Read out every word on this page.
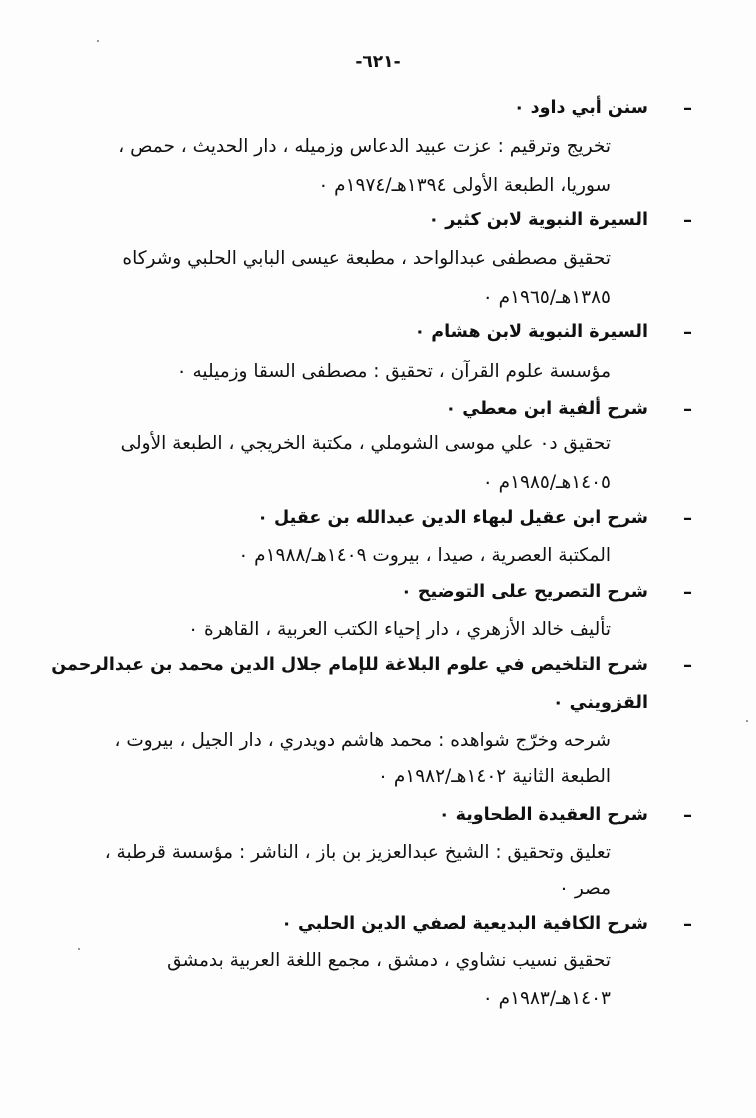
-٦٢١-
–

سنن أبي داود ٠

تخريج وترقيم : عزت عبيد الدعاس وزميله ، دار الحديث ، حمص ،

سوريا، الطبعة الأولى ١٣٩٤هـ/١٩٧٤م ٠

–

السيرة النبوية لابن كثير ٠

تحقيق مصطفى عبدالواحد ، مطبعة عيسى البابي الحلبي وشركاه

١٣٨٥هـ/١٩٦٥م ٠

–

السيرة النبوية لابن هشام ٠

مؤسسة علوم القرآن ، تحقيق : مصطفى السقا وزميليه ٠

–

شرح ألفية ابن معطي ٠

تحقيق د٠ علي موسى الشوملي ، مكتبة الخريجي ، الطبعة الأولى

١٤٠٥هـ/١٩٨٥م ٠

–

شرح ابن عقيل لبهاء الدين عبدالله بن عقيل ٠

المكتبة العصرية ، صيدا ، بيروت ١٤٠٩هـ/١٩٨٨م ٠

–

شرح التصريح على التوضيح ٠

تأليف خالد الأزهري ، دار إحياء الكتب العربية ، القاهرة ٠

–

شرح التلخيص في علوم البلاغة للإمام جلال الدين محمد بن عبدالرحمن

القزويني ٠

شرحه وخرّج شواهده : محمد هاشم دويدري ، دار الجيل ، بيروت ،

الطبعة الثانية ١٤٠٢هـ/١٩٨٢م ٠

–

شرح العقيدة الطحاوية ٠

تعليق وتحقيق : الشيخ عبدالعزيز بن باز ، الناشر : مؤسسة قرطبة ،

مصر ٠

–

شرح الكافية البديعية لصفي الدين الحلبي ٠

تحقيق نسيب نشاوي ، دمشق ، مجمع اللغة العربية بدمشق

١٤٠٣هـ/١٩٨٣م ٠
